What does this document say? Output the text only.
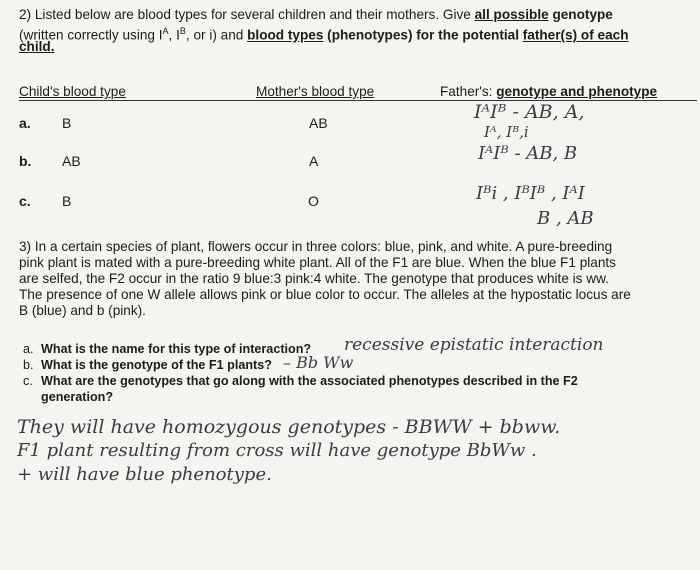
2) Listed below are blood types for several children and their mothers. Give all possible genotype
(written correctly using $I^A$, $I^B$, or i) and blood types (phenotypes) for the potential father(s) of each
child.
Child's blood type	Mother's blood type	Father's: genotype and phenotype
a. B	AB	IᴬIᴮ - AB, A,
Iᴬ, Iᴮ,i
b. AB	A	IᴬIᴮ - AB, B
c. B	O	Iᴮi , IᴮIᴮ , IᴬI
B , AB
3) In a certain species of plant, flowers occur in three colors: blue, pink, and white. A pure-breeding
pink plant is mated with a pure-breeding white plant. All of the F1 are blue. When the blue F1 plants
are selfed, the F2 occur in the ratio 9 blue:3 pink:4 white. The genotype that produces white is ww.
The presence of one W allele allows pink or blue color to occur. The alleles at the hypostatic locus are
B (blue) and b (pink).
a. What is the name for this type of interaction? recessive epistatic interaction
b. What is the genotype of the F1 plants? – Bb Ww
c. What are the genotypes that go along with the associated phenotypes described in the F2
generation?
They will have homozygous genotypes - BBWW + bbww.
F1 plant resulting from cross will have genotype BbWw .
+ will have blue phenotype.
